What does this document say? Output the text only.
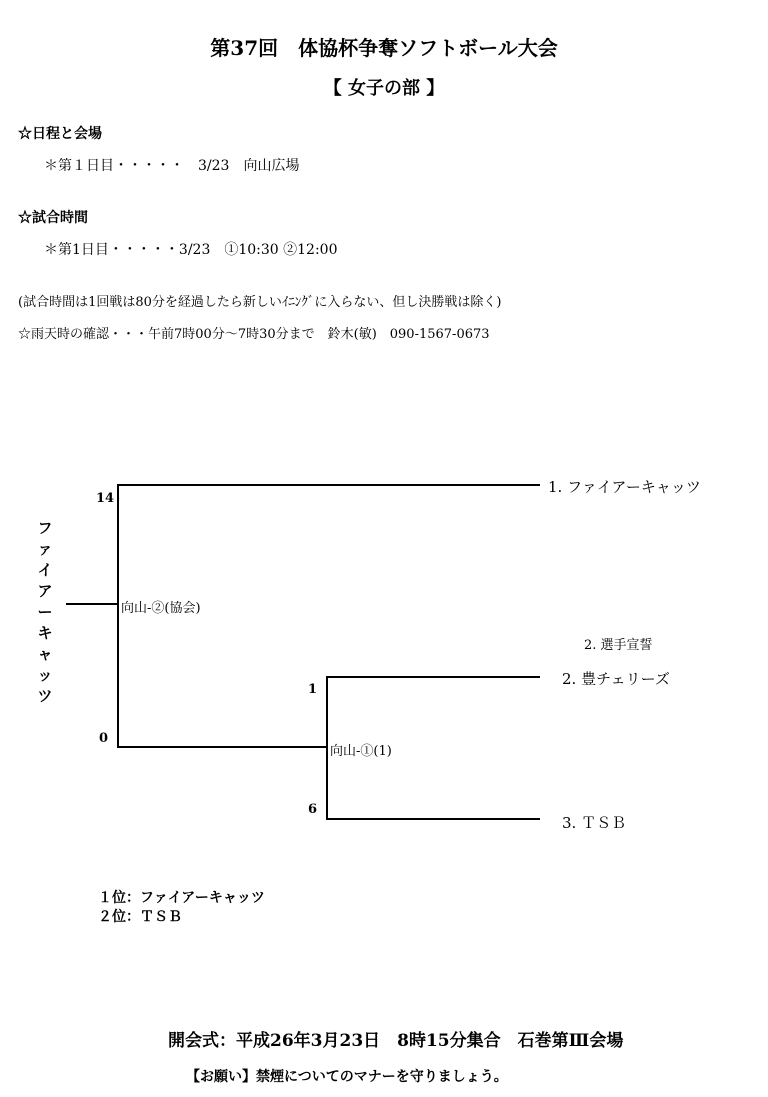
第37回　体協杯争奪ソフトボール大会
【 女子の部 】
☆日程と会場
＊第１日目・・・・・　3/23　向山広場
☆試合時間
＊第1日目・・・・・3/23　①10:30 ②12:00
(試合時間は1回戦は80分を経過したら新しいｲﾆﾝｸﾞに入らない、但し決勝戦は除く)
☆雨天時の確認・・・午前7時00分～7時30分まで　鈴木(敏)　090-1567-0673
フ
ァ
イ
ア
ー
キ
ャ
ッ
ツ
14
0
1
6
向山-②(協会)
向山-①(1)
1. ファイアーキャッツ
2. 選手宣誓
2. 豊チェリーズ
3. ＴＳＢ
１位：ファイアーキャッツ
２位：ＴＳＢ
開会式：平成26年3月23日　8時15分集合　石巻第Ⅲ会場
【お願い】禁煙についてのマナーを守りましょう。
